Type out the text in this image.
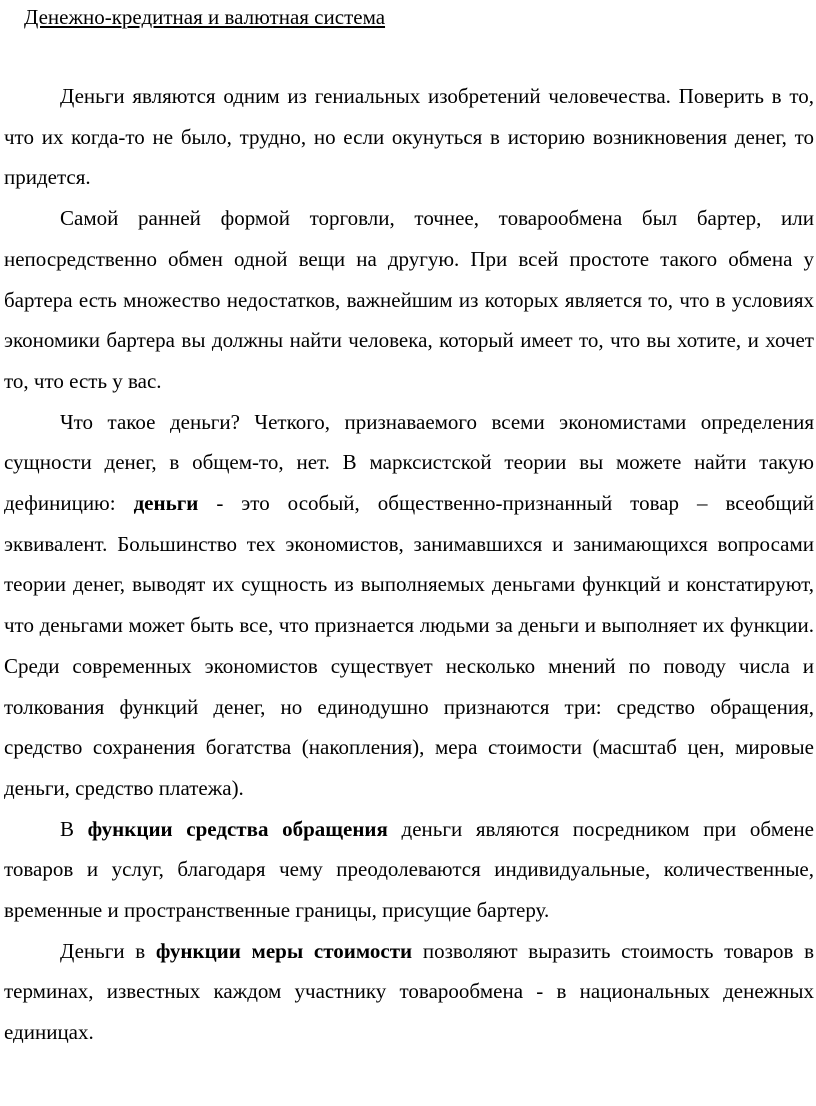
Денежно-кредитная и валютная система

Деньги являются одним из гениальных изобретений человечества. Поверить в то, что их когда-то не было, трудно, но если окунуться в историю возникновения денег, то придется.

Самой ранней формой торговли, точнее, товарообмена был бартер, или непосредственно обмен одной вещи на другую. При всей простоте такого обмена у бартера есть множество недостатков, важнейшим из которых является то, что в условиях экономики бартера вы должны найти человека, который имеет то, что вы хотите, и хочет то, что есть у вас.

Что такое деньги? Четкого, признаваемого всеми экономистами определения сущности денег, в общем-то, нет. В марксистской теории вы можете найти такую дефиницию: деньги - это особый, общественно-признанный товар – всеобщий эквивалент. Большинство тех экономистов, занимавшихся и занимающихся вопросами теории денег, выводят их сущность из выполняемых деньгами функций и констатируют, что деньгами может быть все, что признается людьми за деньги и выполняет их функции. Среди современных экономистов существует несколько мнений по поводу числа и толкования функций денег, но единодушно признаются три: средство обращения, средство сохранения богатства (накопления), мера стоимости (масштаб цен, мировые деньги, средство платежа).

В функции средства обращения деньги являются посредником при обмене товаров и услуг, благодаря чему преодолеваются индивидуальные, количественные, временные и пространственные границы, присущие бартеру.

Деньги в функции меры стоимости позволяют выразить стоимость товаров в терминах, известных каждом участнику товарообмена - в национальных денежных единицах.
